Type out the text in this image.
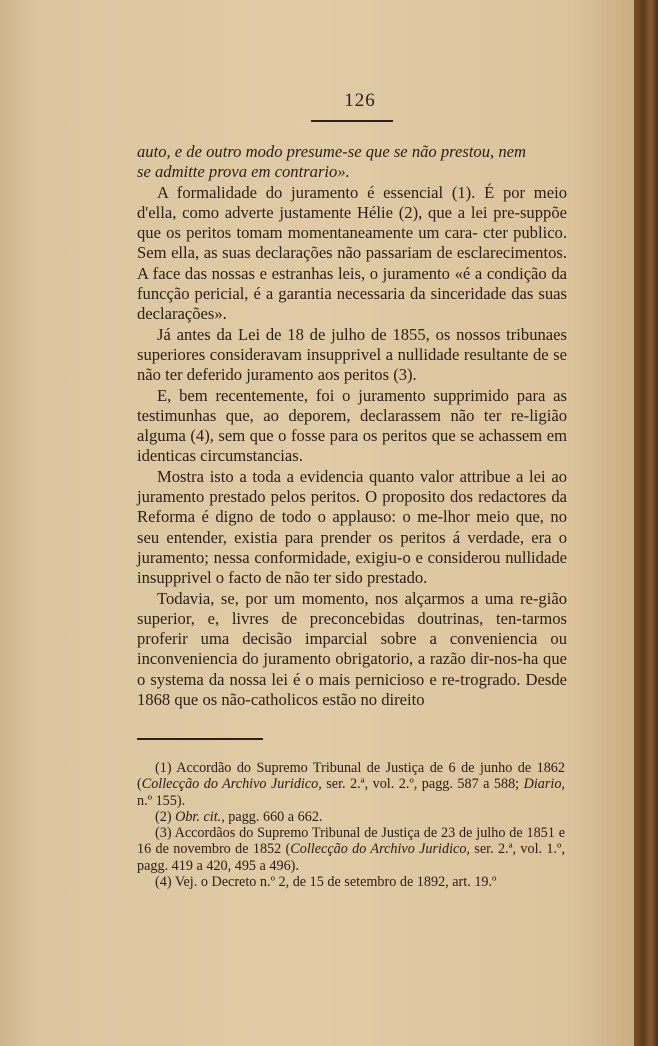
126

auto, e de outro modo presume-se que se não prestou, nem
se admitte prova em contrario».

A formalidade do juramento é essencial (1). É por meio d'ella, como adverte justamente Hélie (2), que a lei pre-suppõe que os peritos tomam momentaneamente um cara- cter publico. Sem ella, as suas declarações não passariam de esclarecimentos. A face das nossas e estranhas leis, o juramento «é a condição da funcção pericial, é a garantia necessaria da sinceridade das suas declarações».

Já antes da Lei de 18 de julho de 1855, os nossos tribunaes superiores consideravam insupprivel a nullidade resultante de se não ter deferido juramento aos peritos (3).

E, bem recentemente, foi o juramento supprimido para as testimunhas que, ao deporem, declarassem não ter re-ligião alguma (4), sem que o fosse para os peritos que se achassem em identicas circumstancias.

Mostra isto a toda a evidencia quanto valor attribue a lei ao juramento prestado pelos peritos. O proposito dos redactores da Reforma é digno de todo o applauso: o me-lhor meio que, no seu entender, existia para prender os peritos á verdade, era o juramento; nessa conformidade, exigiu-o e considerou nullidade insupprivel o facto de não ter sido prestado.

Todavia, se, por um momento, nos alçarmos a uma re-gião superior, e, livres de preconcebidas doutrinas, ten-tarmos proferir uma decisão imparcial sobre a conveniencia ou inconveniencia do juramento obrigatorio, a razão dir-nos-ha que o systema da nossa lei é o mais pernicioso e re-trogrado. Desde 1868 que os não-catholicos estão no direito

(1) Accordão do Supremo Tribunal de Justiça de 6 de junho de 1862 (Collecção do Archivo Juridico, ser. 2.ª, vol. 2.º, pagg. 587 a 588; Diario, n.º 155).

(2) Obr. cit., pagg. 660 a 662.

(3) Accordãos do Supremo Tribunal de Justiça de 23 de julho de 1851 e 16 de novembro de 1852 (Collecção do Archivo Juridico, ser. 2.ª, vol. 1.º, pagg. 419 a 420, 495 a 496).

(4) Vej. o Decreto n.º 2, de 15 de setembro de 1892, art. 19.º
